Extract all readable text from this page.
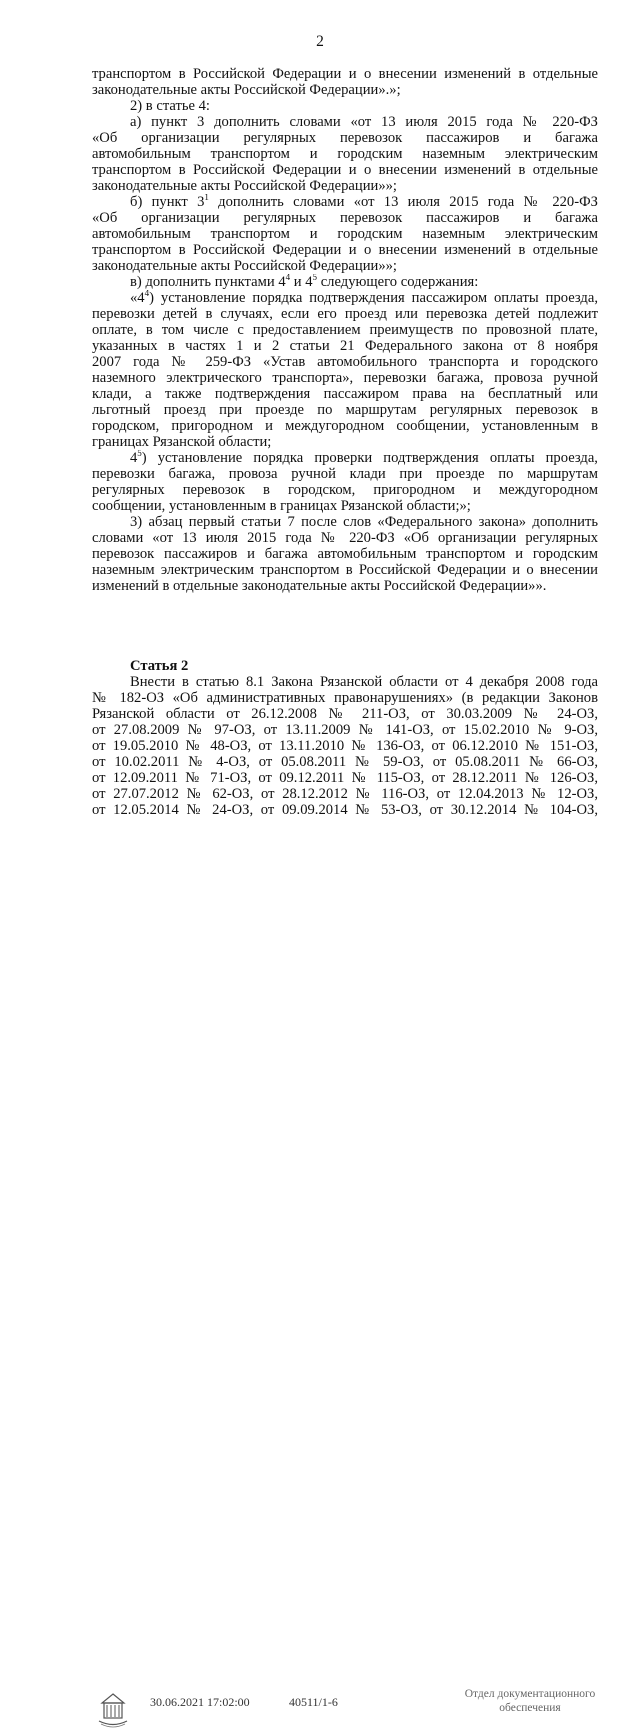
2
транспортом в Российской Федерации и о внесении изменений в отдельные
законодательные акты Российской Федерации».»;
2) в статье 4:
а) пункт 3 дополнить словами «от 13 июля 2015 года № 220-ФЗ
«Об организации регулярных перевозок пассажиров и багажа
автомобильным транспортом и городским наземным электрическим
транспортом в Российской Федерации и о внесении изменений в отдельные
законодательные акты Российской Федерации»»;
б) пункт $3^1$ дополнить словами «от 13 июля 2015 года № 220-ФЗ
«Об организации регулярных перевозок пассажиров и багажа
автомобильным транспортом и городским наземным электрическим
транспортом в Российской Федерации и о внесении изменений в отдельные
законодательные акты Российской Федерации»»;
в) дополнить пунктами $4^4$ и $4^5$ следующего содержания:
«$4^4$) установление порядка подтверждения пассажиром оплаты проезда,
перевозки детей в случаях, если его проезд или перевозка детей подлежит
оплате, в том числе с предоставлением преимуществ по провозной плате,
указанных в частях 1 и 2 статьи 21 Федерального закона от 8 ноября
2007 года № 259-ФЗ «Устав автомобильного транспорта и городского
наземного электрического транспорта», перевозки багажа, провоза ручной
клади, а также подтверждения пассажиром права на бесплатный или
льготный проезд при проезде по маршрутам регулярных перевозок в
городском, пригородном и междугородном сообщении, установленным в
границах Рязанской области;
$4^5$) установление порядка проверки подтверждения оплаты проезда,
перевозки багажа, провоза ручной клади при проезде по маршрутам
регулярных перевозок в городском, пригородном и междугородном
сообщении, установленным в границах Рязанской области;»;
3) абзац первый статьи 7 после слов «Федерального закона» дополнить
словами «от 13 июля 2015 года № 220-ФЗ «Об организации регулярных
перевозок пассажиров и багажа автомобильным транспортом и городским
наземным электрическим транспортом в Российской Федерации и о внесении
изменений в отдельные законодательные акты Российской Федерации»».
Статья 2
Внести в статью 8.1 Закона Рязанской области от 4 декабря 2008 года
№ 182-ОЗ «Об административных правонарушениях» (в редакции Законов
Рязанской области от 26.12.2008 № 211-ОЗ, от 30.03.2009 № 24-ОЗ,
от 27.08.2009 № 97-ОЗ, от 13.11.2009 № 141-ОЗ, от 15.02.2010 № 9-ОЗ,
от 19.05.2010 № 48-ОЗ, от 13.11.2010 № 136-ОЗ, от 06.12.2010 № 151-ОЗ,
от 10.02.2011 № 4-ОЗ, от 05.08.2011 № 59-ОЗ, от 05.08.2011 № 66-ОЗ,
от 12.09.2011 № 71-ОЗ, от 09.12.2011 № 115-ОЗ, от 28.12.2011 № 126-ОЗ,
от 27.07.2012 № 62-ОЗ, от 28.12.2012 № 116-ОЗ, от 12.04.2013 № 12-ОЗ,
от 12.05.2014 № 24-ОЗ, от 09.09.2014 № 53-ОЗ, от 30.12.2014 № 104-ОЗ,
30.06.2021 17:02:00	40511/1-6
Отдел документационного
обеспечения
